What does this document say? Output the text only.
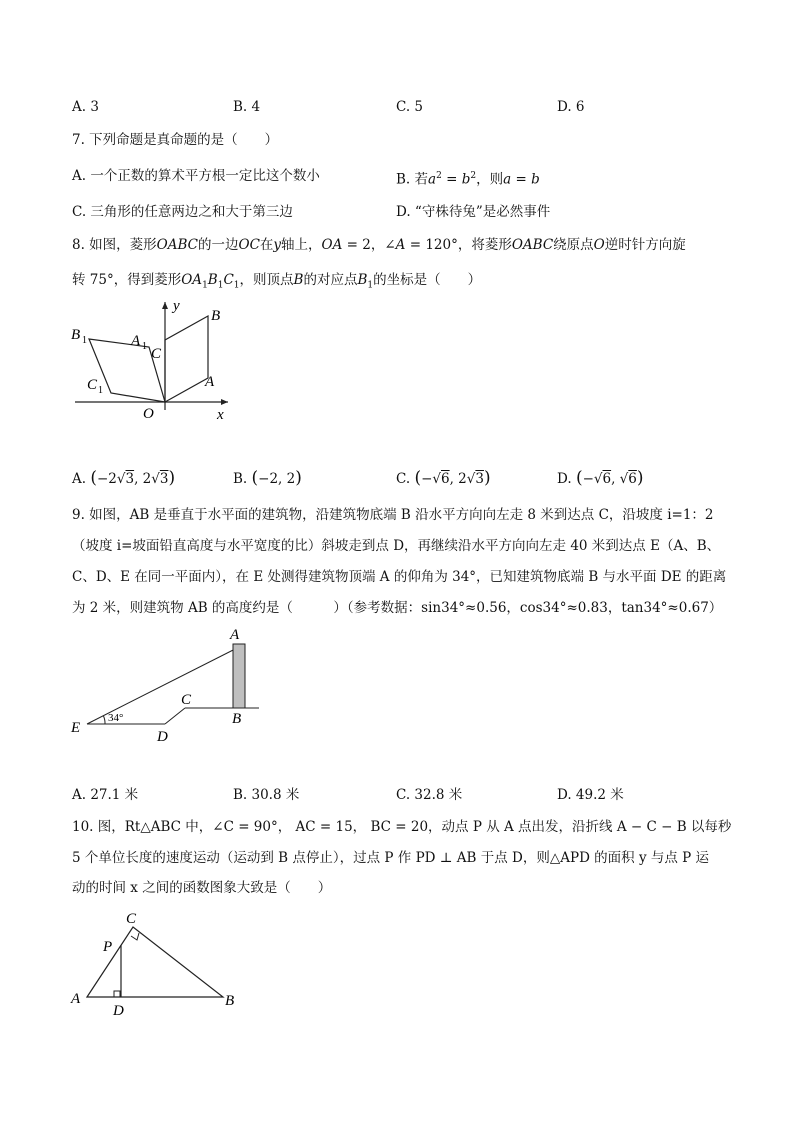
A. 3	B. 4	C. 5	D. 6
7. 下列命题是真命题的是（　　）
A. 一个正数的算术平方根一定比这个数小	B. 若$a^2 = b^2$，则a = b
C. 三角形的任意两边之和大于第三边	D. “守株待兔”是必然事件
8. 如图，菱形OABC的一边OC在y轴上，OA = 2，∠A = 120°，将菱形OABC绕原点O逆时针方向旋
转 75°，得到菱形$OA_1B_1C_1$，则顶点B的对应点$B_1$的坐标是（　　）
y
x
O
A
B
C
A 1
B 1
C 1
A. (−2√3, 2√3)	B. (−2, 2)	C. (−√6, 2√3)	D. (−√6, √6)
9. 如图，AB 是垂直于水平面的建筑物，沿建筑物底端 B 沿水平方向向左走 8 米到达点 C，沿坡度 i=1：2
（坡度 i=坡面铅直高度与水平宽度的比）斜坡走到点 D，再继续沿水平方向向左走 40 米到达点 E（A、B、
C、D、E 在同一平面内），在 E 处测得建筑物顶端 A 的仰角为 34°，已知建筑物底端 B 与水平面 DE 的距离
为 2 米，则建筑物 AB 的高度约是（　　　）（参考数据：sin34°≈0.56，cos34°≈0.83，tan34°≈0.67）
A
B
C
D
E
34°
A. 27.1 米	B. 30.8 米	C. 32.8 米	D. 49.2 米
10. 图，Rt△ABC 中，∠C = 90°， AC = 15， BC = 20，动点 P 从 A 点出发，沿折线 A − C − B 以每秒
5 个单位长度的速度运动（运动到 B 点停止），过点 P 作 PD ⊥ AB 于点 D，则△APD 的面积 y 与点 P 运
动的时间 x 之间的函数图象大致是（　　）
C
P
A
D
B
